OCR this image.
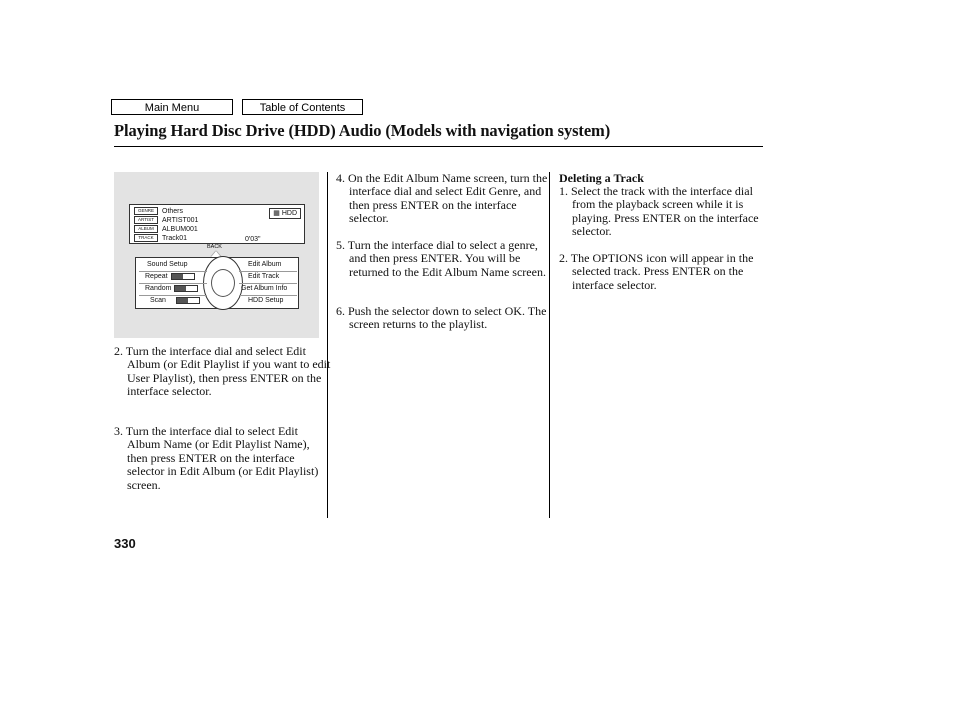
Main Menu	Table of Contents
Playing Hard Disc Drive (HDD) Audio (Models with navigation system)
GENRE Others
ARTIST ARTIST001
ALBUM ALBUM001
TRACK Track01
▦ HDD
0'03"
BACK
Sound Setup
Repeat
Random
Scan
Edit Album
Edit Track
Get Album Info
HDD Setup

2. Turn the interface dial and select Edit Album (or Edit Playlist if you want to edit User Playlist), then press ENTER on the interface selector.

3. Turn the interface dial to select Edit Album Name (or Edit Playlist Name), then press ENTER on the interface selector in Edit Album (or Edit Playlist) screen.

4. On the Edit Album Name screen, turn the interface dial and select Edit Genre, and then press ENTER on the interface selector.

5. Turn the interface dial to select a genre, and then press ENTER. You will be returned to the Edit Album Name screen.

6. Push the selector down to select OK. The screen returns to the playlist.

Deleting a Track

1. Select the track with the interface dial from the playback screen while it is playing. Press ENTER on the interface selector.

2. The OPTIONS icon will appear in the selected track. Press ENTER on the interface selector.

330
